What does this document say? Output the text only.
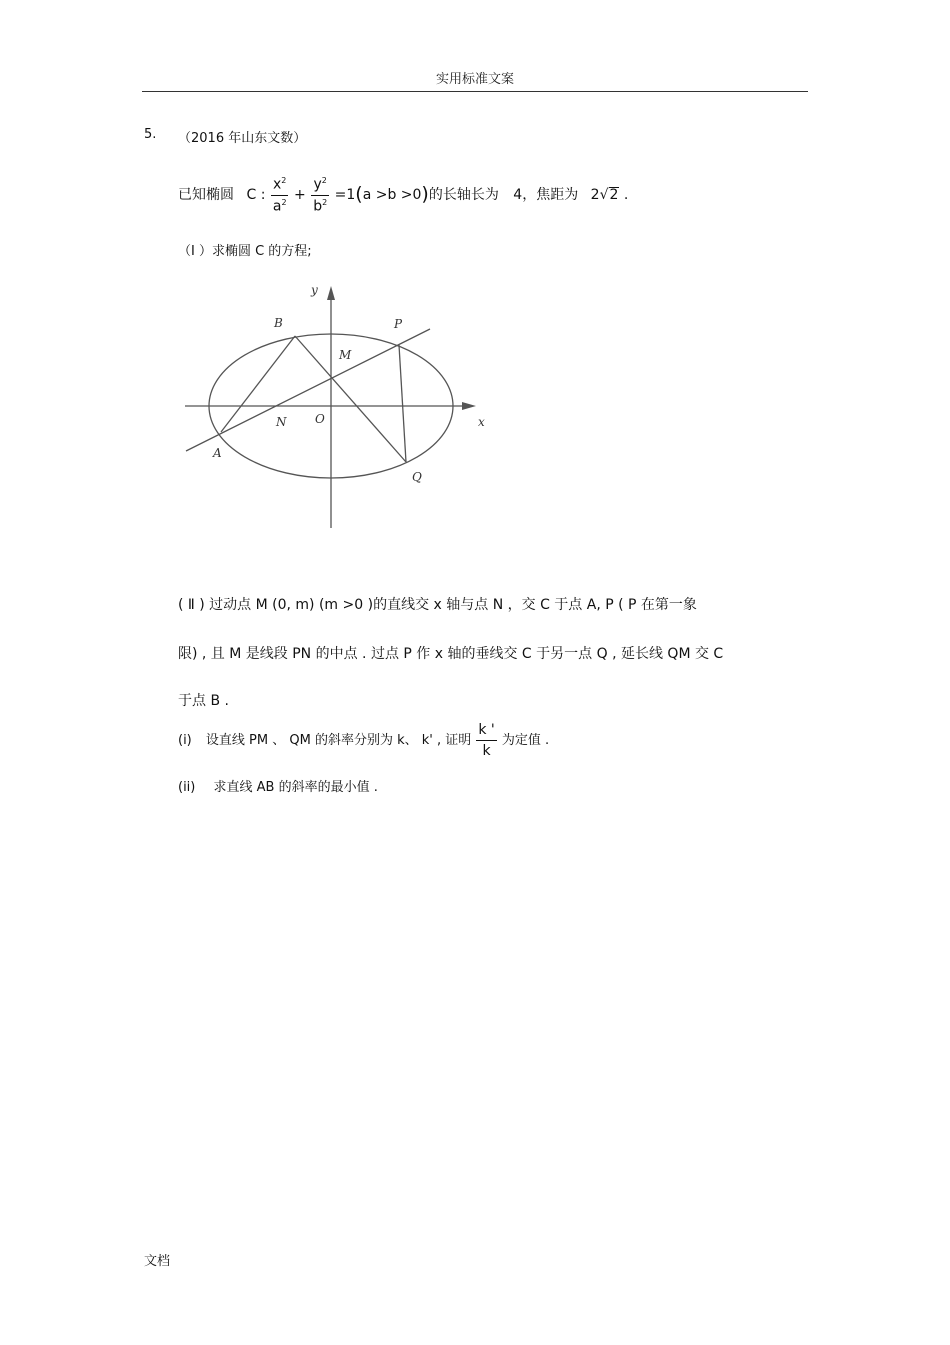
实用标准文案
5. （2016 年山东文数）
已知椭圆 C : $\frac{x^2}{a^2} + \frac{y^2}{b^2} =1(a >b >0)$的长轴长为 4，焦距为 2√2 .
（I ）求椭圆 C 的方程;
y
x
B	P
M
N O
A
Q
( Ⅱ ) 过动点 M (0, m) (m >0 )的直线交 x 轴与点 N ，交 C 于点 A, P ( P 在第一象
限) , 且 M 是线段 PN 的中点 . 过点 P 作 x 轴的垂线交 C 于另一点 Q , 延长线 QM 交 C
于点 B .
(i) 设直线 PM 、 QM 的斜率分别为 k、 k' , 证明 $\frac{k '}{k}$ 为定值 .
(ii) 求直线 AB 的斜率的最小值 .
文档
